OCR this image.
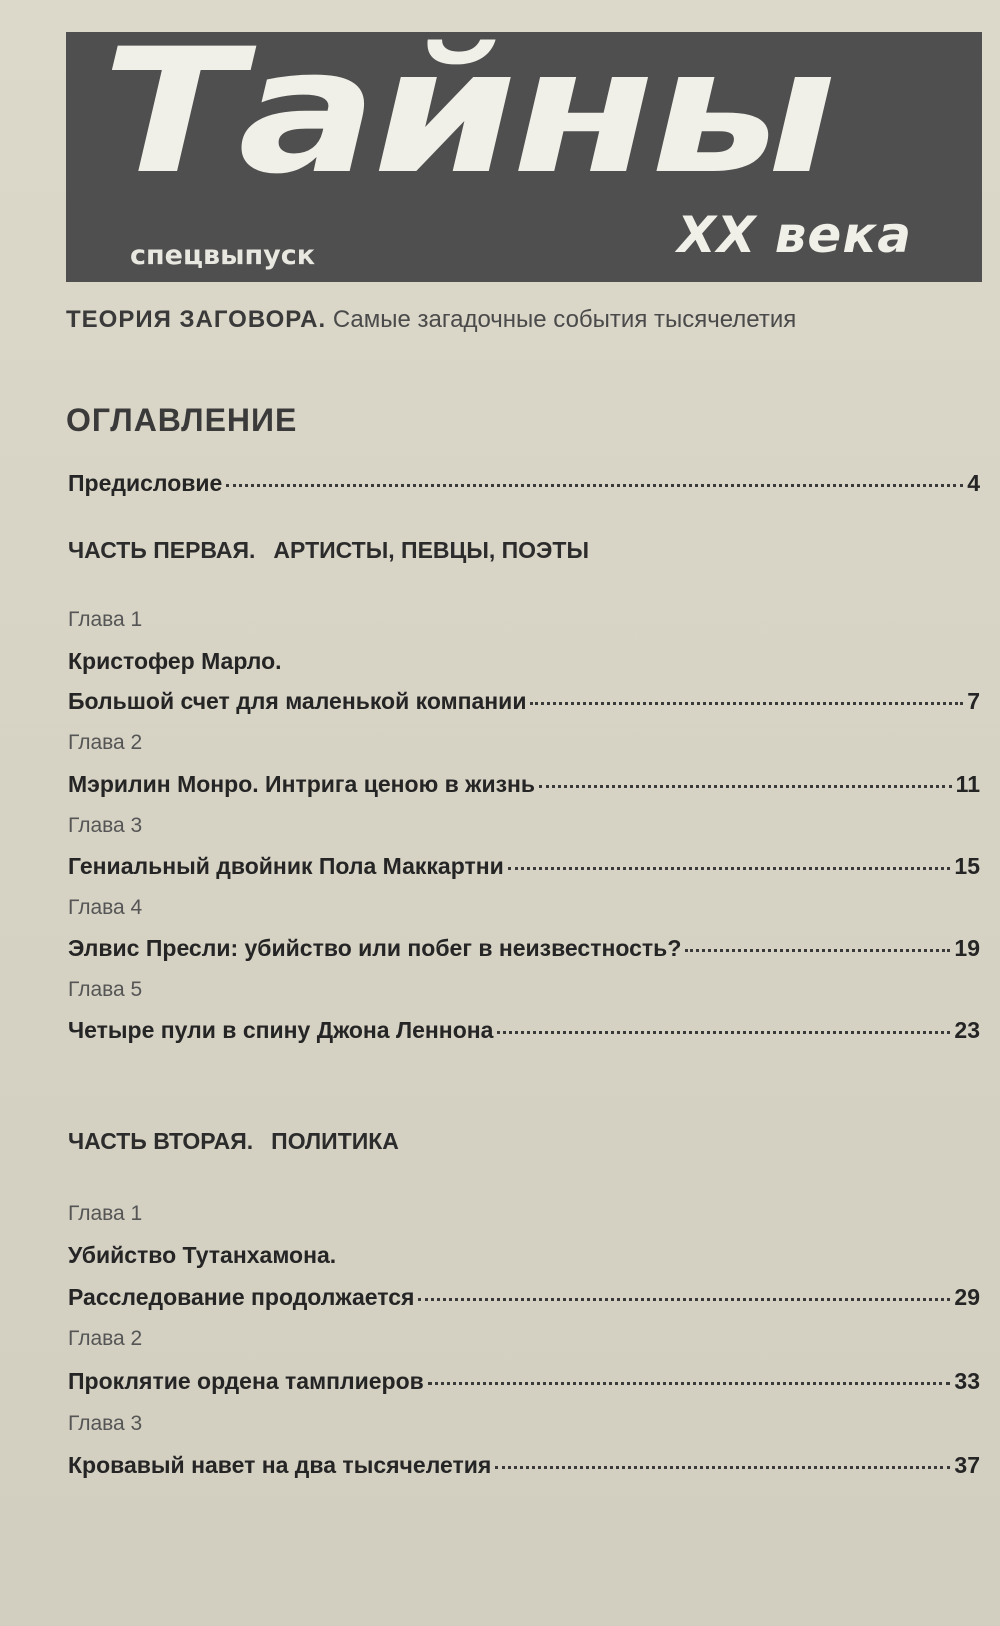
Тайны
спецвыпуск	XX века
ТЕОРИЯ ЗАГОВОРА. Самые загадочные события тысячелетия
ОГЛАВЛЕНИЕ
Предисловие	4
ЧАСТЬ ПЕРВАЯ. АРТИСТЫ, ПЕВЦЫ, ПОЭТЫ
Глава 1
Кристофер Марло.
Большой счет для маленькой компании	7
Глава 2
Мэрилин Монро. Интрига ценою в жизнь	11
Глава 3
Гениальный двойник Пола Маккартни	15
Глава 4
Элвис Пресли: убийство или побег в неизвестность?	19
Глава 5
Четыре пули в спину Джона Леннона	23
ЧАСТЬ ВТОРАЯ. ПОЛИТИКА
Глава 1
Убийство Тутанхамона.
Расследование продолжается	29
Глава 2
Проклятие ордена тамплиеров	33
Глава 3
Кровавый навет на два тысячелетия	37
